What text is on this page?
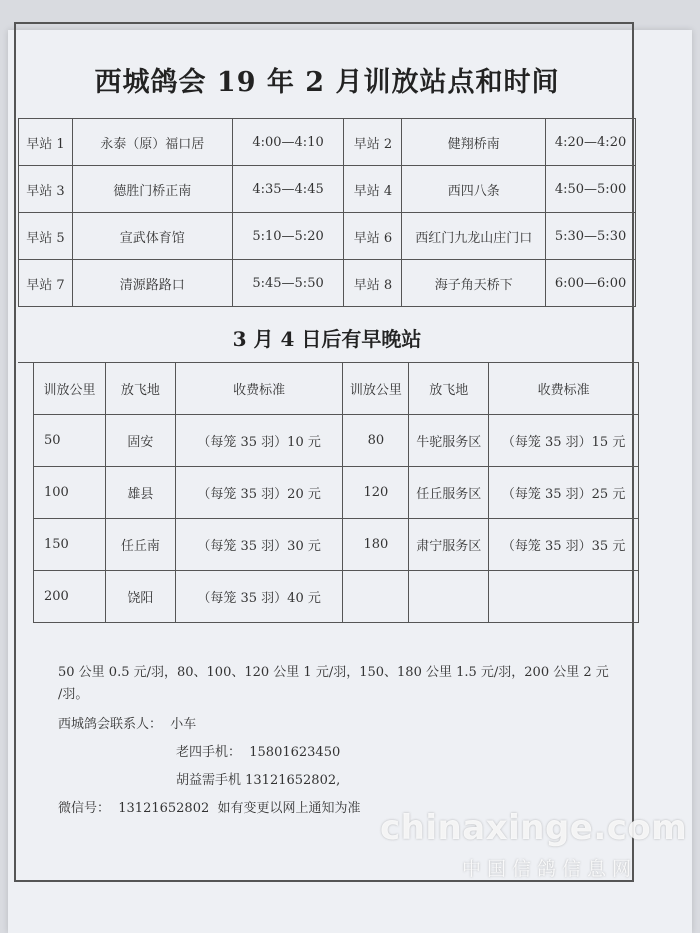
西城鸽会 19 年 2 月训放站点和时间
早站 1	永泰（原）福口居	4:00—4:10	早站 2	健翔桥南	4:20—4:20
早站 3	德胜门桥正南	4:35—4:45	早站 4	西四八条	4:50—5:00
早站 5	宣武体育馆	5:10—5:20	早站 6	西红门九龙山庄门口	5:30—5:30
早站 7	清源路路口	5:45—5:50	早站 8	海子角天桥下	6:00—6:00
3 月 4 日后有早晚站
训放公里	放飞地	收费标准	训放公里	放飞地	收费标准
50	固安	（每笼 35 羽）10 元	80	牛驼服务区	（每笼 35 羽）15 元
100	雄县	（每笼 35 羽）20 元	120	任丘服务区	（每笼 35 羽）25 元
150	任丘南	（每笼 35 羽）30 元	180	肃宁服务区	（每笼 35 羽）35 元
200	饶阳	（每笼 35 羽）40 元			
50 公里 0.5 元/羽，80、100、120 公里 1 元/羽，150、180 公里 1.5 元/羽，200 公里 2 元
/羽。
西城鸽会联系人：  小车
老四手机：  15801623450
胡益需手机 13121652802,
微信号：  13121652802  如有变更以网上通知为准 chinaxinge.com
中国信鸽信息网
